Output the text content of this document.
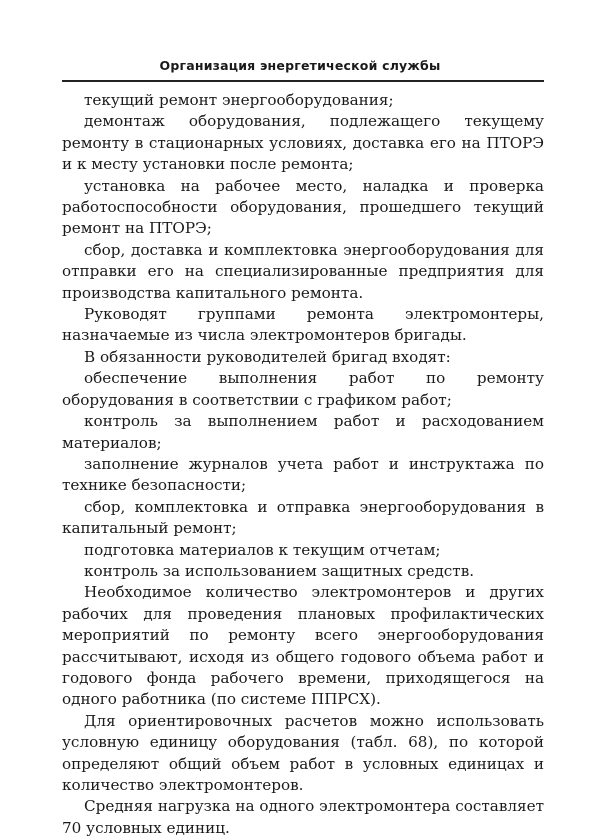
Организация энергетической службы

текущий ремонт энергооборудования;

демонтаж оборудования, подлежащего текущему ремонту в стационарных условиях, доставка его на ПТОРЭ и к месту установки после ремонта;

установка на рабочее место, наладка и проверка работоспособности оборудования, прошедшего текущий ремонт на ПТОРЭ;

сбор, доставка и комплектовка энергооборудования для отправки его на специализированные предприятия для производства капитального ремонта.

Руководят группами ремонта электромонтеры, назначаемые из числа электромонтеров бригады.

В обязанности руководителей бригад входят:

обеспечение выполнения работ по ремонту оборудования в соответствии с графиком работ;

контроль за выполнением работ и расходованием материалов;

заполнение журналов учета работ и инструктажа по технике безопасности;

сбор, комплектовка и отправка энергооборудования в капитальный ремонт;

подготовка материалов к текущим отчетам;

контроль за использованием защитных средств.

Необходимое количество электромонтеров и других рабочих для проведения плановых профилактических мероприятий по ремонту всего энергооборудования рассчитывают, исходя из общего годового объема работ и годового фонда рабочего времени, приходящегося на одного работника (по системе ППРСХ).

Для ориентировочных расчетов можно использовать условную единицу оборудования (табл. 68), по которой определяют общий объем работ в условных единицах и количество электромонтеров.

Средняя нагрузка на одного электромонтера составляет 70 условных единиц.
